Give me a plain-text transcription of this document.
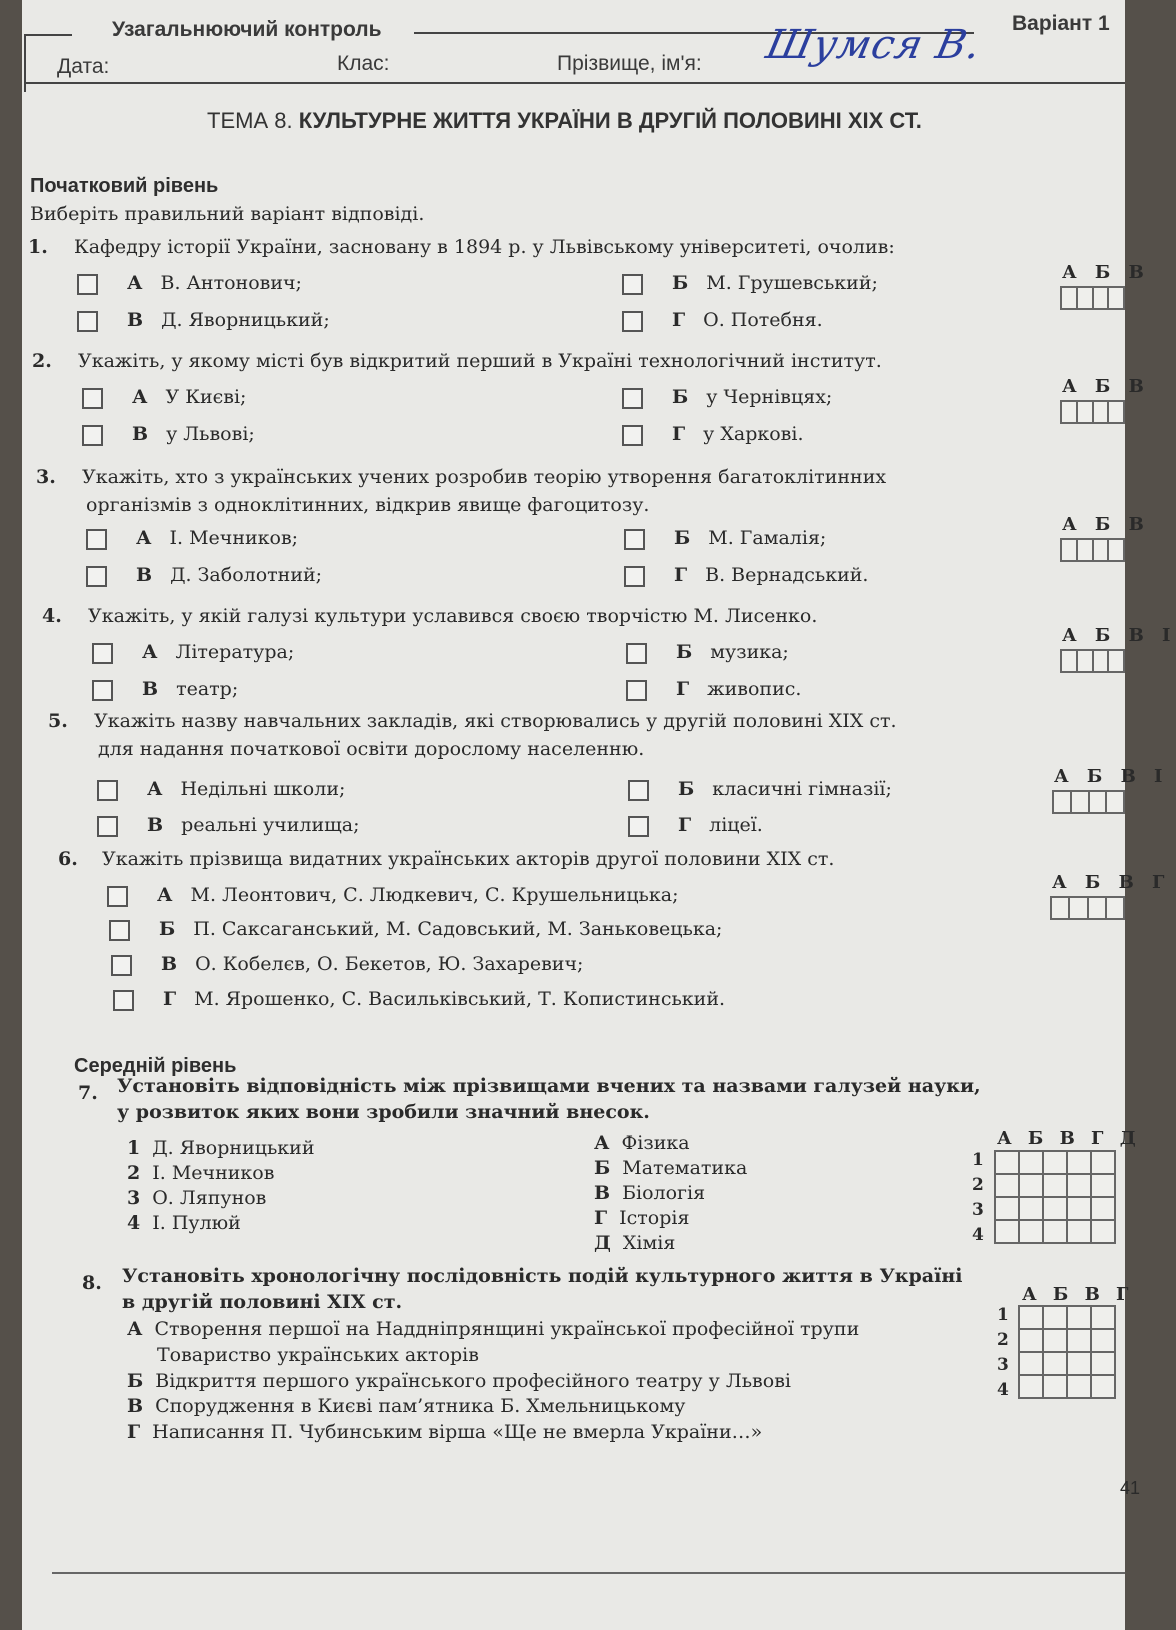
Узагальнюючий контроль	Варіант 1
Дата:	Клас:	Прізвище, ім'я: Шумся В.
ТЕМА 8. КУЛЬТУРНЕ ЖИТТЯ УКРАЇНИ В ДРУГІЙ ПОЛОВИНІ XIX СТ.
Початковий рівень
Виберіть правильний варіант відповіді.
1. Кафедру історії України, засновану в 1894 р. у Львівському університеті, очолив:
А В. Антонович;	Б М. Грушевський;
В Д. Яворницький;	Г О. Потебня.
А Б В

2. Укажіть, у якому місті був відкритий перший в Україні технологічний інститут.
А У Києві;	Б у Чернівцях;
В у Львові;	Г у Харкові.
А Б В

3. Укажіть, хто з українських учених розробив теорію утворення багатоклітинних
організмів з одноклітинних, відкрив явище фагоцитозу.
А І. Мечников;	Б М. Гамалія;
В Д. Заболотний;	Г В. Вернадський.
А Б В

4. Укажіть, у якій галузі культури уславився своєю творчістю М. Лисенко.
А Література;	Б музика;
В театр;	Г живопис.
А Б В І

5. Укажіть назву навчальних закладів, які створювались у другій половині XIX ст.
для надання початкової освіти дорослому населенню.
А Недільні школи;	Б класичні гімназії;
В реальні училища;	Г ліцеї.
А Б В І

6. Укажіть прізвища видатних українських акторів другої половини XIX ст.
А М. Леонтович, С. Людкевич, С. Крушельницька;
Б П. Саксаганський, М. Садовський, М. Заньковецька;
В О. Кобелєв, О. Бекетов, Ю. Захаревич;
Г М. Ярошенко, С. Васильківський, Т. Копистинський.
А Б В Г

Середній рівень
7. Установіть відповідність між прізвищами вчених та назвами галузей науки,
у розвиток яких вони зробили значний внесок.
1 Д. Яворницький
2 І. Мечников
3 О. Ляпунов
4 І. Пулюй
А Фізика
Б Математика
В Біологія
Г Історія
Д Хімія
А Б В Г Д

1
2
3
4
8. Установіть хронологічну послідовність подій культурного життя в Україні
в другій половині XIX ст.
А Створення першої на Наддніпрянщині української професійної трупи
Товариство українських акторів
Б Відкриття першого українського професійного театру у Львові
В Спорудження в Києві пам’ятника Б. Хмельницькому
Г Написання П. Чубинським вірша «Ще не вмерла України…»
А Б В Г

1
2
3
4
41
